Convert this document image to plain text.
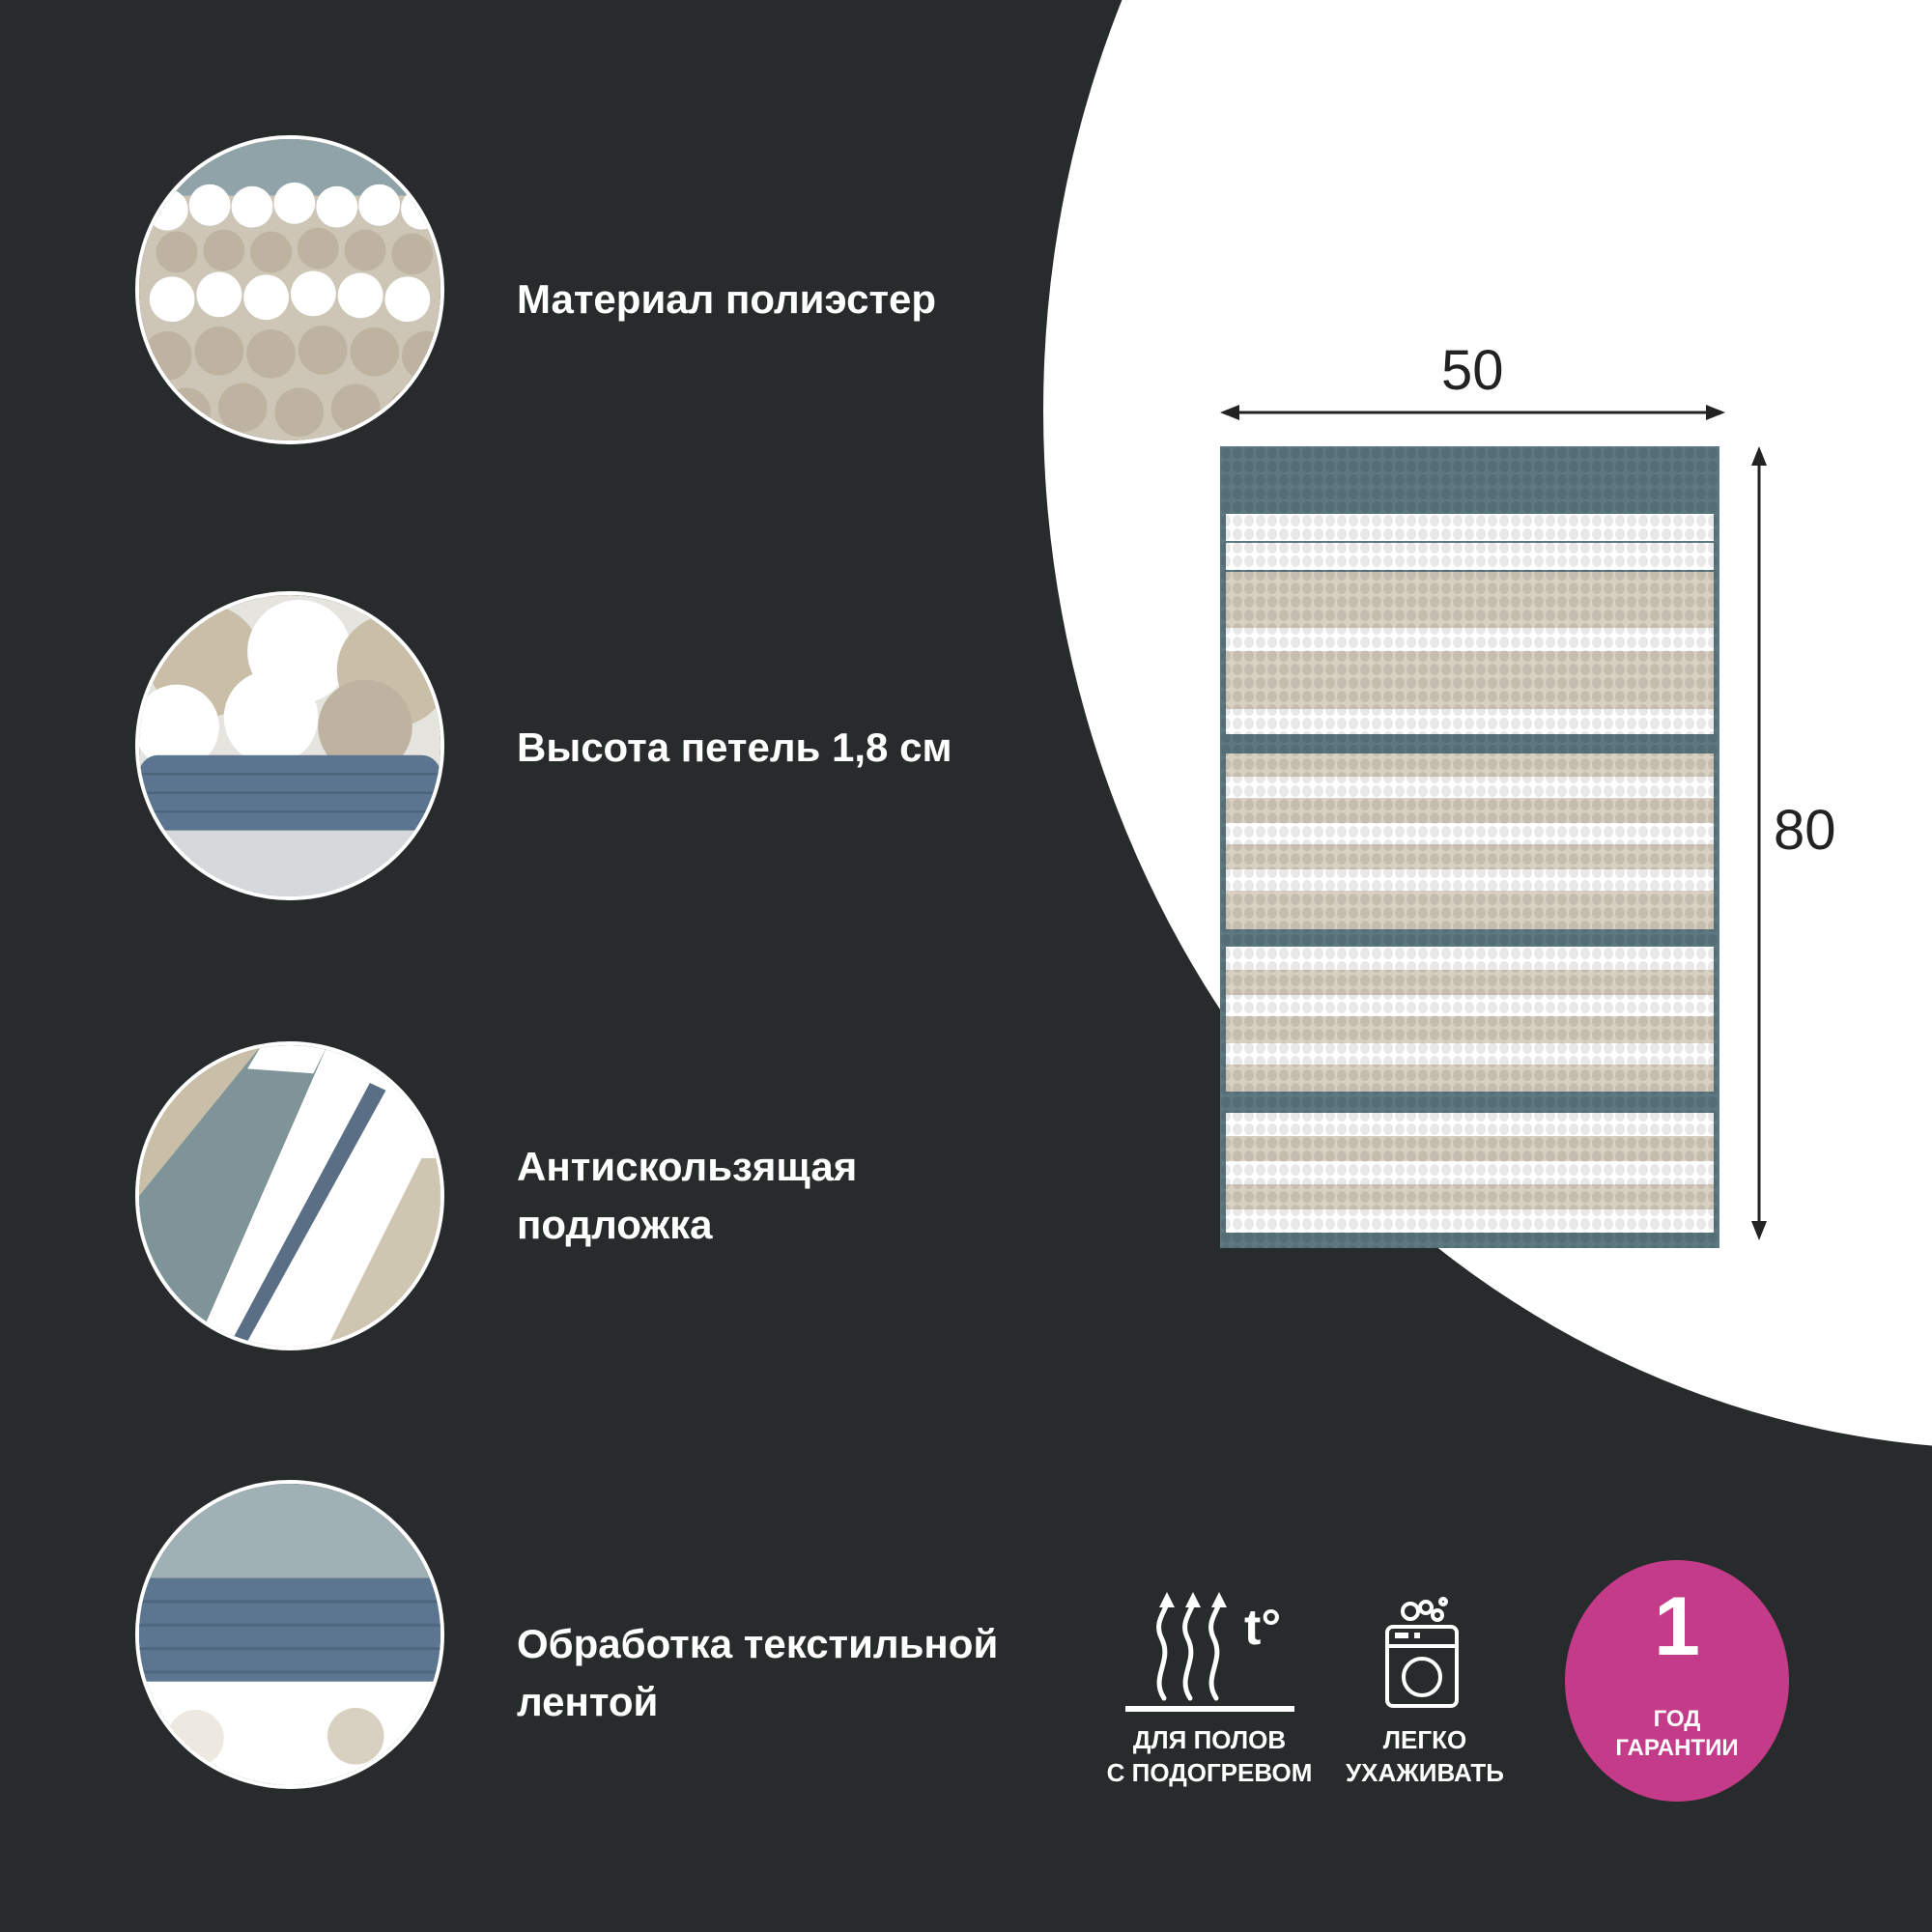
Материал полиэстер
Высота петель 1,8 см
Антискользящая
подложка
Обработка текстильной
лентой
50
80
t°
ДЛЯ ПОЛОВ
С ПОДОГРЕВОМ
ЛЕГКО
УХАЖИВАТЬ
1
ГОД
ГАРАНТИИ
